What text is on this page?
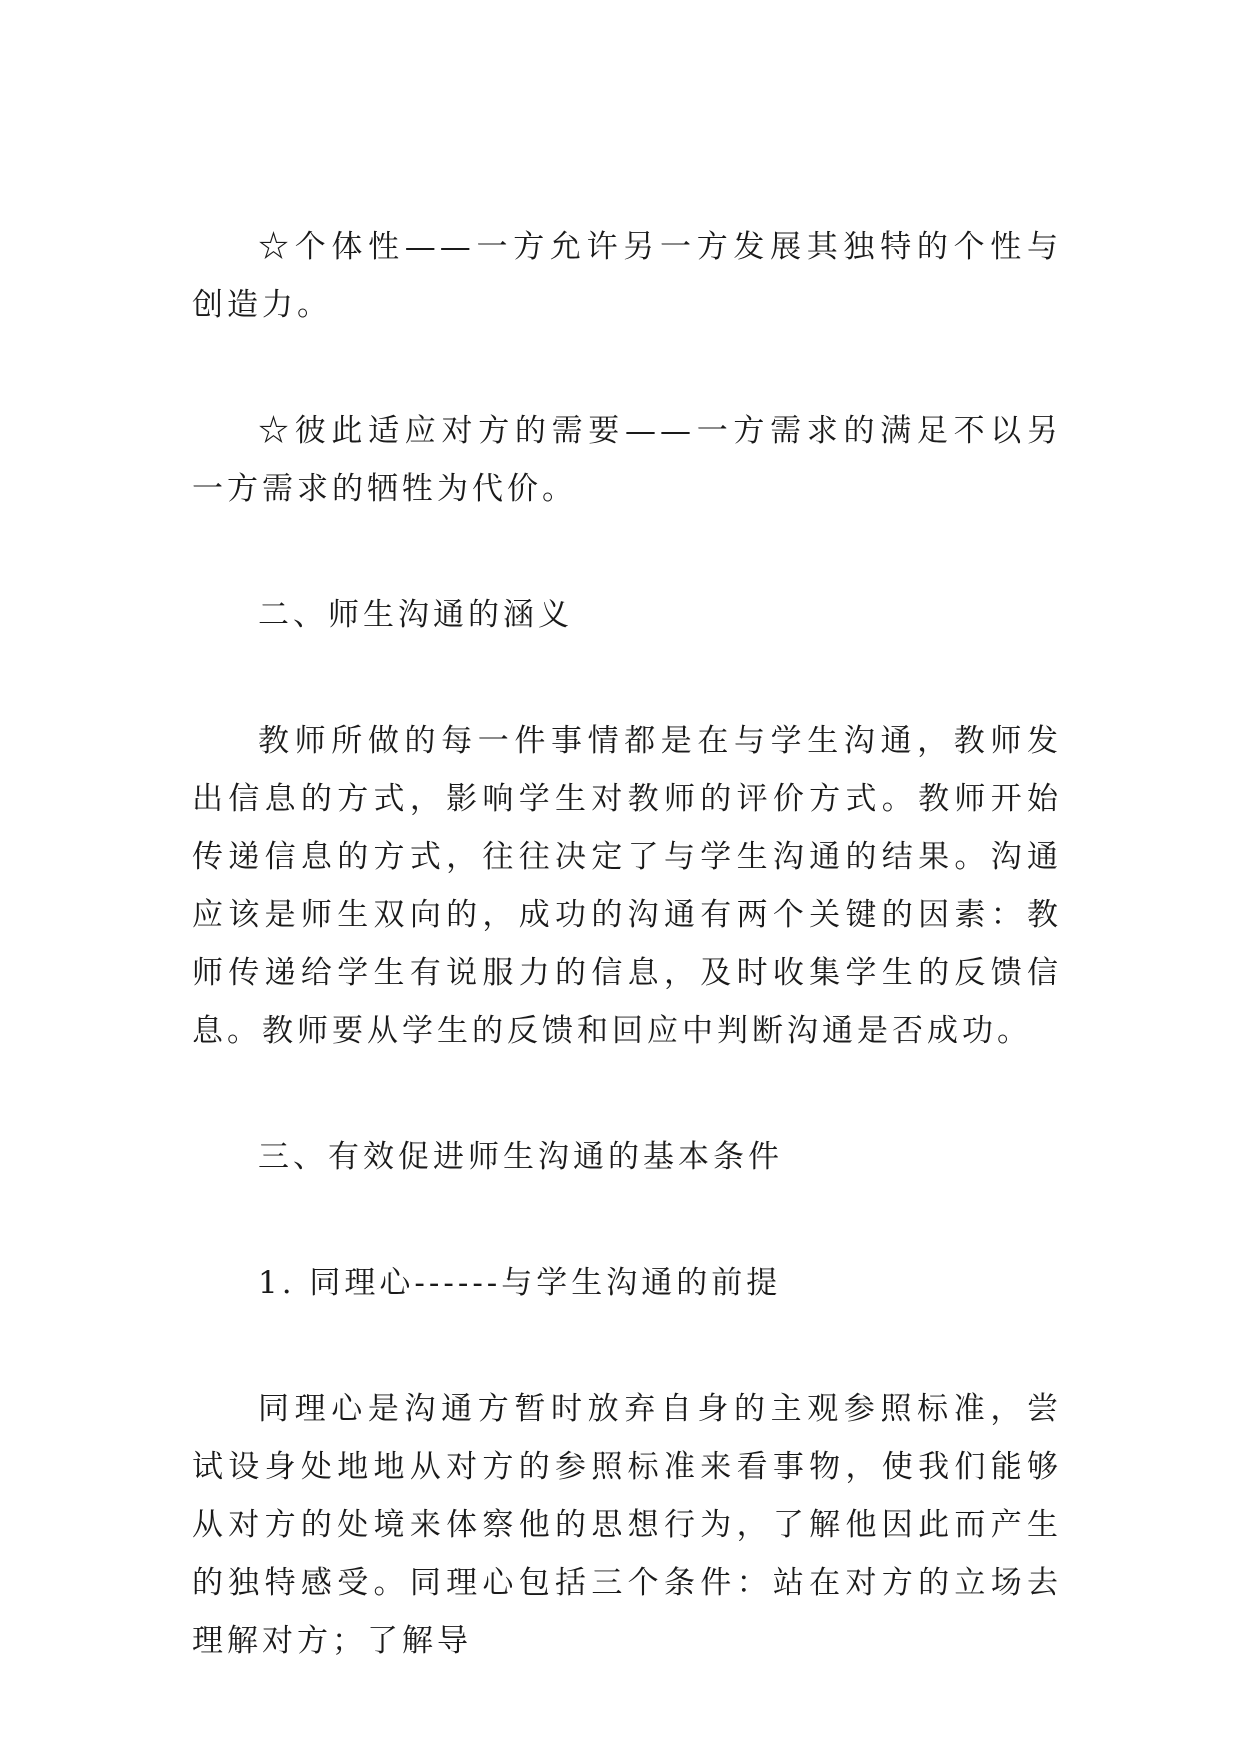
☆个体性——一方允许另一方发展其独特的个性与创造力。

☆彼此适应对方的需要——一方需求的满足不以另一方需求的牺牲为代价。

二、师生沟通的涵义

教师所做的每一件事情都是在与学生沟通，教师发出信息的方式，影响学生对教师的评价方式。教师开始传递信息的方式，往往决定了与学生沟通的结果。沟通应该是师生双向的，成功的沟通有两个关键的因素：教师传递给学生有说服力的信息，及时收集学生的反馈信息。教师要从学生的反馈和回应中判断沟通是否成功。

三、有效促进师生沟通的基本条件

1. 同理心------与学生沟通的前提

同理心是沟通方暂时放弃自身的主观参照标准，尝试设身处地地从对方的参照标准来看事物，使我们能够从对方的处境来体察他的思想行为，了解他因此而产生的独特感受。同理心包括三个条件：站在对方的立场去理解对方；了解导
